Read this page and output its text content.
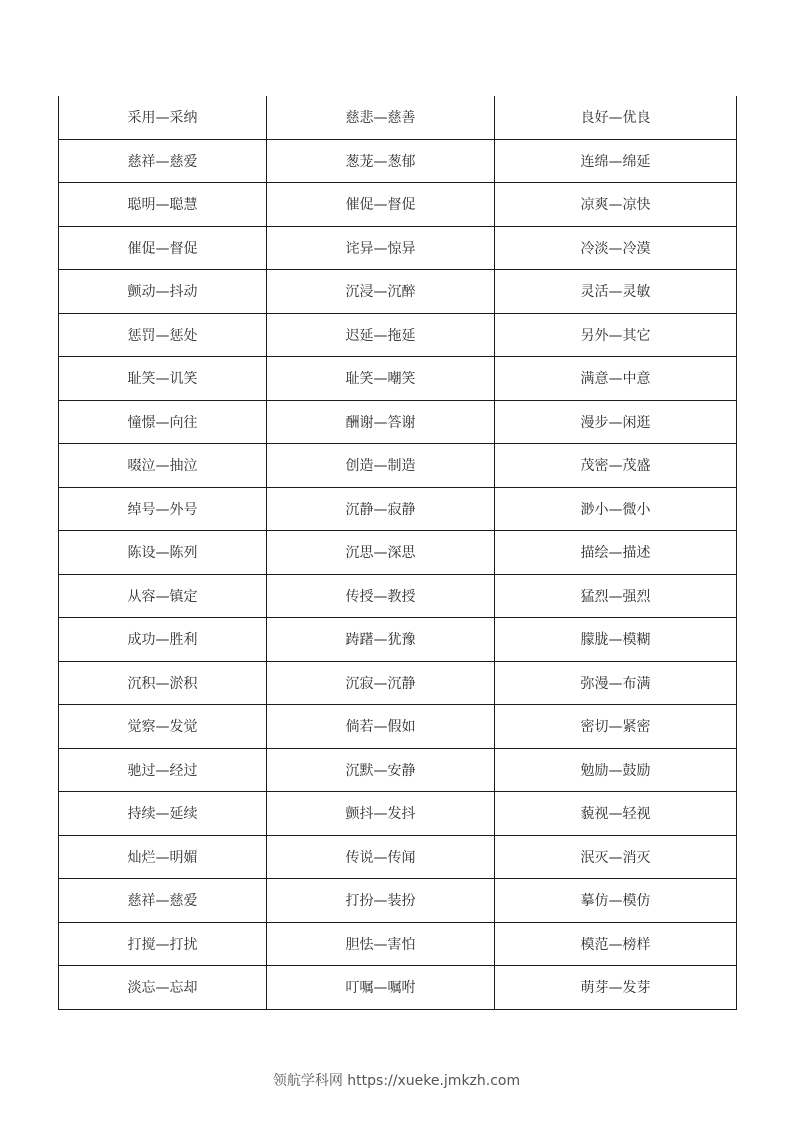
采用—采纳	慈悲—慈善	良好—优良
慈祥—慈爱	葱茏—葱郁	连绵—绵延
聪明—聪慧	催促—督促	凉爽—凉快
催促—督促	诧异—惊异	冷淡—冷漠
颤动—抖动	沉浸—沉醉	灵活—灵敏
惩罚—惩处	迟延—拖延	另外—其它
耻笑—讥笑	耻笑—嘲笑	满意—中意
憧憬—向往	酬谢—答谢	漫步—闲逛
啜泣—抽泣	创造—制造	茂密—茂盛
绰号—外号	沉静—寂静	渺小—微小
陈设—陈列	沉思—深思	描绘—描述
从容—镇定	传授—教授	猛烈—强烈
成功—胜利	踌躇—犹豫	朦胧—模糊
沉积—淤积	沉寂—沉静	弥漫—布满
觉察—发觉	倘若—假如	密切—紧密
驰过—经过	沉默—安静	勉励—鼓励
持续—延续	颤抖—发抖	藐视—轻视
灿烂—明媚	传说—传闻	泯灭—消灭
慈祥—慈爱	打扮—装扮	摹仿—模仿
打搅—打扰	胆怯—害怕	模范—榜样
淡忘—忘却	叮嘱—嘱咐	萌芽—发芽
领航学科网 https://xueke.jmkzh.com
